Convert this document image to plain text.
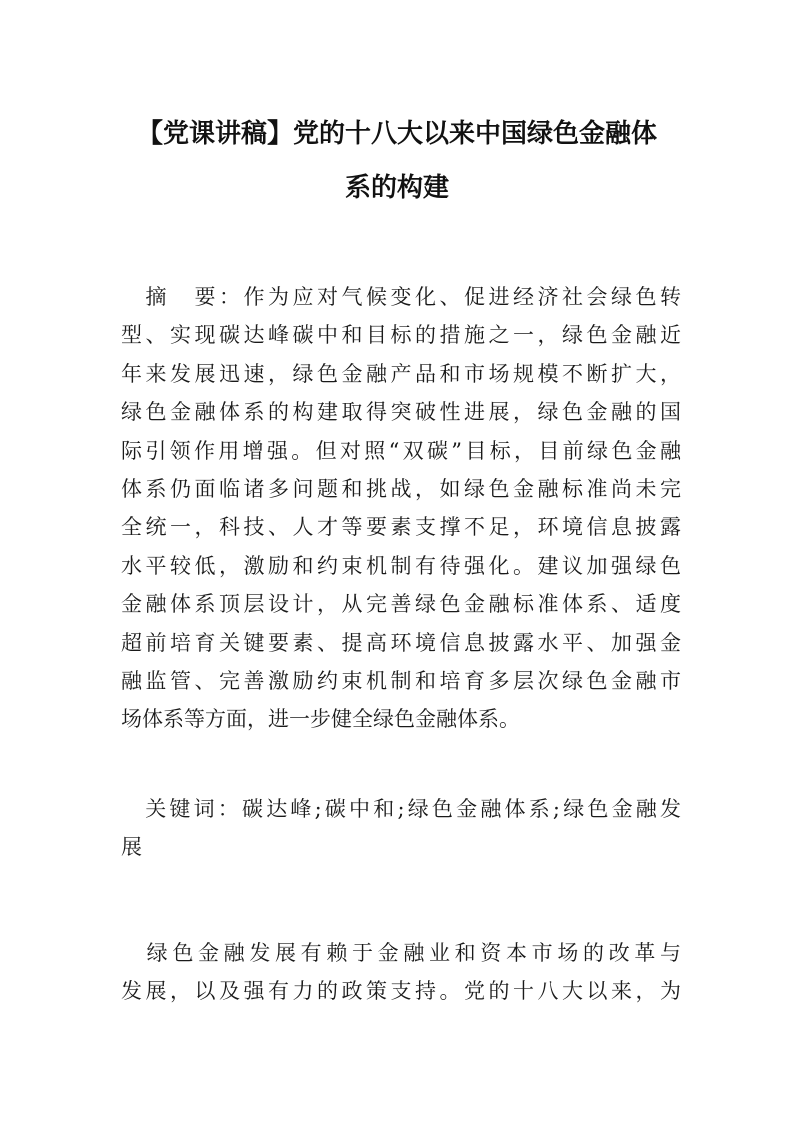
【党课讲稿】党的十八大以来中国绿色金融体
系的构建
　摘　要：作为应对气候变化、促进经济社会绿色转
型、实现碳达峰碳中和目标的措施之一，绿色金融近
年来发展迅速，绿色金融产品和市场规模不断扩大，
绿色金融体系的构建取得突破性进展，绿色金融的国
际引领作用增强。但对照“双碳”目标，目前绿色金融
体系仍面临诸多问题和挑战，如绿色金融标准尚未完
全统一，科技、人才等要素支撑不足，环境信息披露
水平较低，激励和约束机制有待强化。建议加强绿色
金融体系顶层设计，从完善绿色金融标准体系、适度
超前培育关键要素、提高环境信息披露水平、加强金
融监管、完善激励约束机制和培育多层次绿色金融市
场体系等方面，进一步健全绿色金融体系。
　关键词：碳达峰;碳中和;绿色金融体系;绿色金融发
展
　绿色金融发展有赖于金融业和资本市场的改革与
发展，以及强有力的政策支持。党的十八大以来，为
